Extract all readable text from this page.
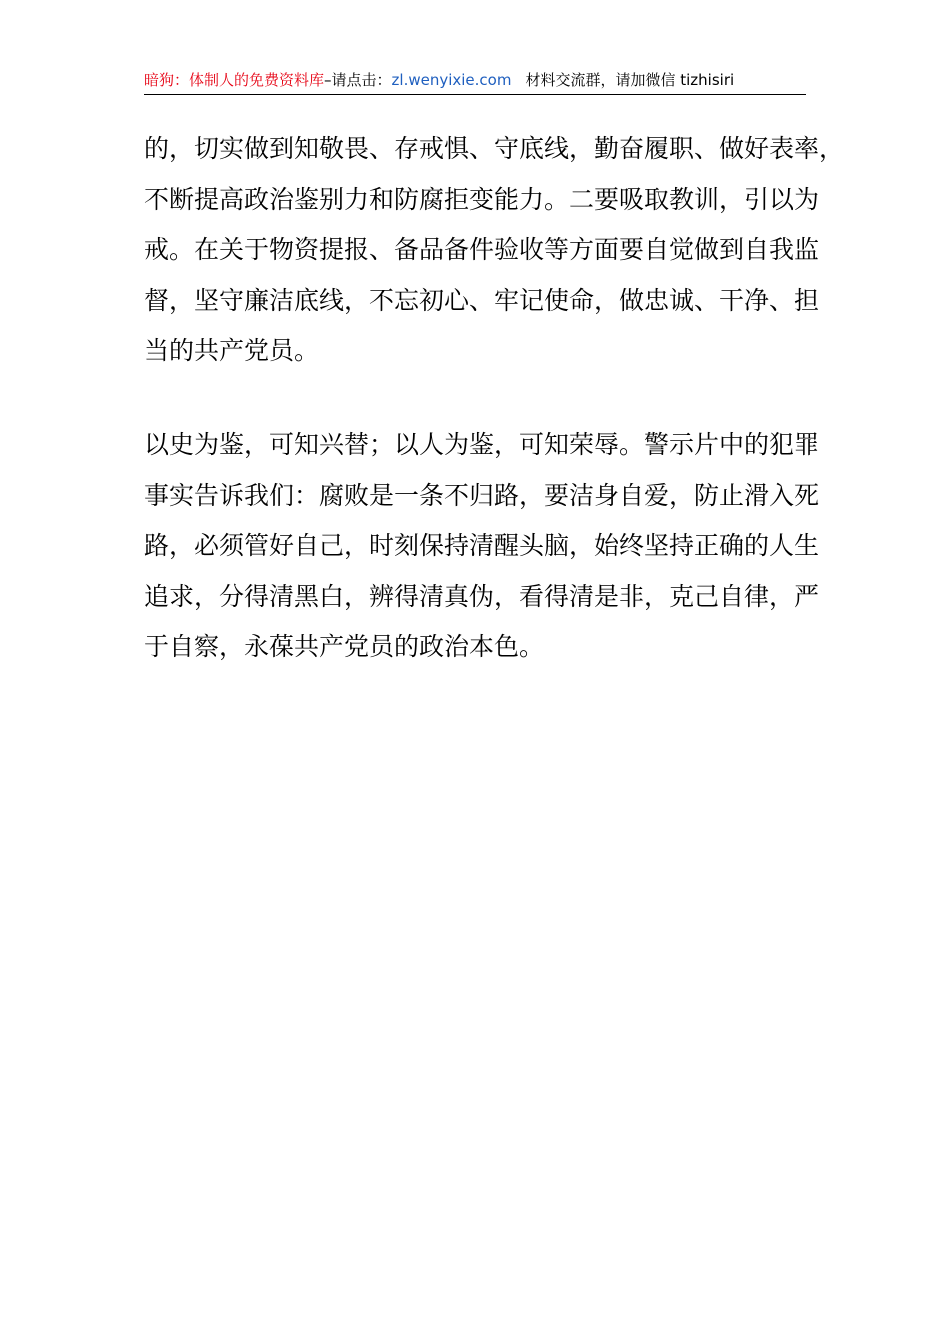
暗狗：体制人的免费资料库–请点击：zl.wenyixie.com 材料交流群，请加微信 tizhisiri

的，切实做到知敬畏、存戒惧、守底线，勤奋履职、做好表率，
不断提高政治鉴别力和防腐拒变能力。二要吸取教训，引以为
戒。在关于物资提报、备品备件验收等方面要自觉做到自我监
督，坚守廉洁底线，不忘初心、牢记使命，做忠诚、干净、担
当的共产党员。

以史为鉴，可知兴替；以人为鉴，可知荣辱。警示片中的犯罪
事实告诉我们：腐败是一条不归路，要洁身自爱，防止滑入死
路，必须管好自己，时刻保持清醒头脑，始终坚持正确的人生
追求，分得清黑白，辨得清真伪，看得清是非，克己自律，严
于自察，永葆共产党员的政治本色。
